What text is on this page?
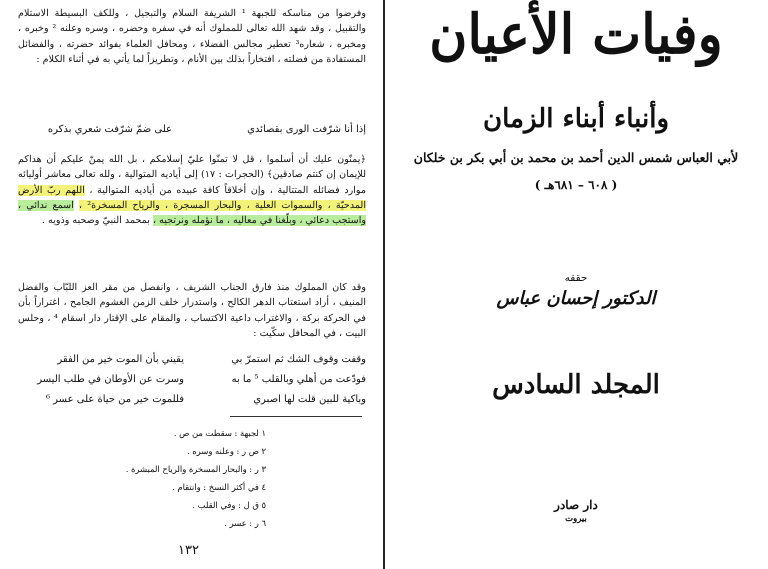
وفرضوا من مناسكه للجبهة ¹ الشريفة السلام والتبجيل ، وللكف البسيطة الاستلام والتقبيل ، وقد شهد الله تعالى للمملوك أنه في سفره وحضره ، وسره وعلنه ² وخبره ، ومخبره ، شعاره³ تعطير مجالس الفضلاء ، ومحافل العلماء بفوائد حضرته ، والفضائل المستفادة من فضلته ، افتخاراً بذلك بين الأنام ، وتطريزاً لما يأتي به في أثناء الكلام :

إذا أنا شرّفت الورى بقصائدي
على ضمّ شرّفت شعري بذكره
﴿يمنّون عليك أن أسلموا ، قل لا تمنّوا عليّ إسلامكم ، بل الله يمنّ عليكم أن هداكم للإيمان إن كنتم صادقين﴾ (الحجرات : ١٧) إلى أياديه المتوالية ، ولله تعالى معاشر أوليائه موارد فضائله المتتالية ، وإن أخلاقاً كافة عبيده من أياديه المتوالية ، اللهم ربّ الأرض المدحيّة ، والسموات العلية ، والبحار المسجرة ، والرياح المسخرة² ، اسمع ندائي ، واستجب دعائي ، وبلّغنا في معاليه ، ما نؤمله ونرتجيه ، بمحمد النبيّ وصحبه وذويه .

وقد كان المملوك منذ فارق الجناب الشريف ، وانفصل من مقر العز اللبّاب والفضل المنيف ، أراد استعتاب الدهر الكالح ، واستدرار خلف الزمن الغشوم الجامح ، اغتراراً بأن في الحركة بركة ، والاغتراب داعية الاكتساب ، والمقام على الإقتار دار اسقام ⁴ ، وحلس البيت ، في المحافل سكّيت :

وقفت وقوف الشك ثم استمرّ بي
يقيني بأن الموت خير من الفقر
فودّعت من أهلي وبالقلب ⁵ ما به
وسرت عن الأوطان في طلب اليسر
وباكية للبين قلت لها اصبري
فللموت خير من حياة على عسر ⁶
١ لجبهة : سقطت من ص .
٢ ص ر : وعلنه وسره .
٣ ر : والبحار المسخرة والرياح المبشرة .
٤ في أكثر النسخ : وانتقام .
٥ ق ل : وفي القلب .
٦ ر : عسر .
١٣٢
وفيات الأعيان
وأنباء أبناء الزمان
لأبي العباس شمس الدين أحمد بن محمد بن أبي بكر بن خلكان
( ٦٠٨ – ٦٨١هـ )
حققه
الدكتور إحسان عباس
المجلد السادس
دار صادر
بيروت
